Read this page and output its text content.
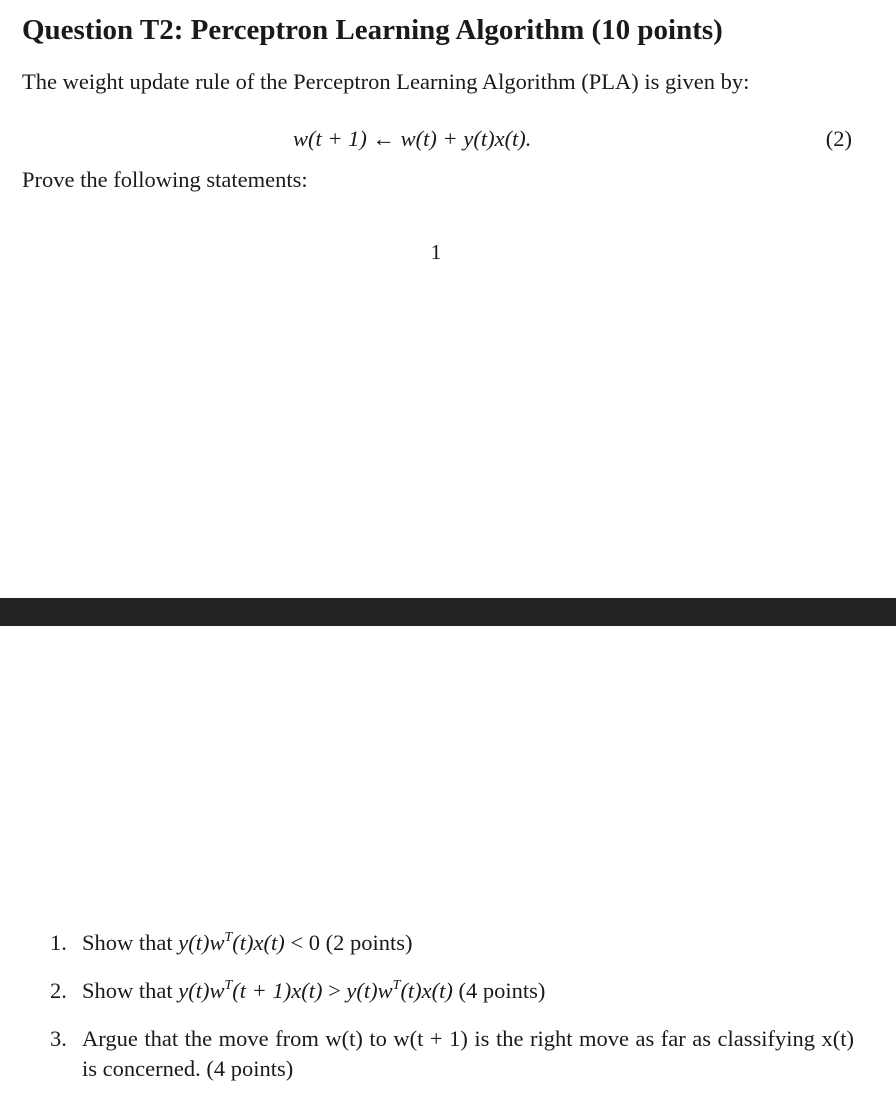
Question T2: Perceptron Learning Algorithm (10 points)

The weight update rule of the Perceptron Learning Algorithm (PLA) is given by:

w(t + 1) ← w(t) + y(t)x(t).	(2)

Prove the following statements:

1
1. Show that $y(t)w^T(t)x(t) < 0$ (2 points)
2. Show that $y(t)w^T(t + 1)x(t) > y(t)w^T(t)x(t)$ (4 points)
3. Argue that the move from w(t) to w(t + 1) is the right move as far as classifying x(t) is concerned. (4 points)
